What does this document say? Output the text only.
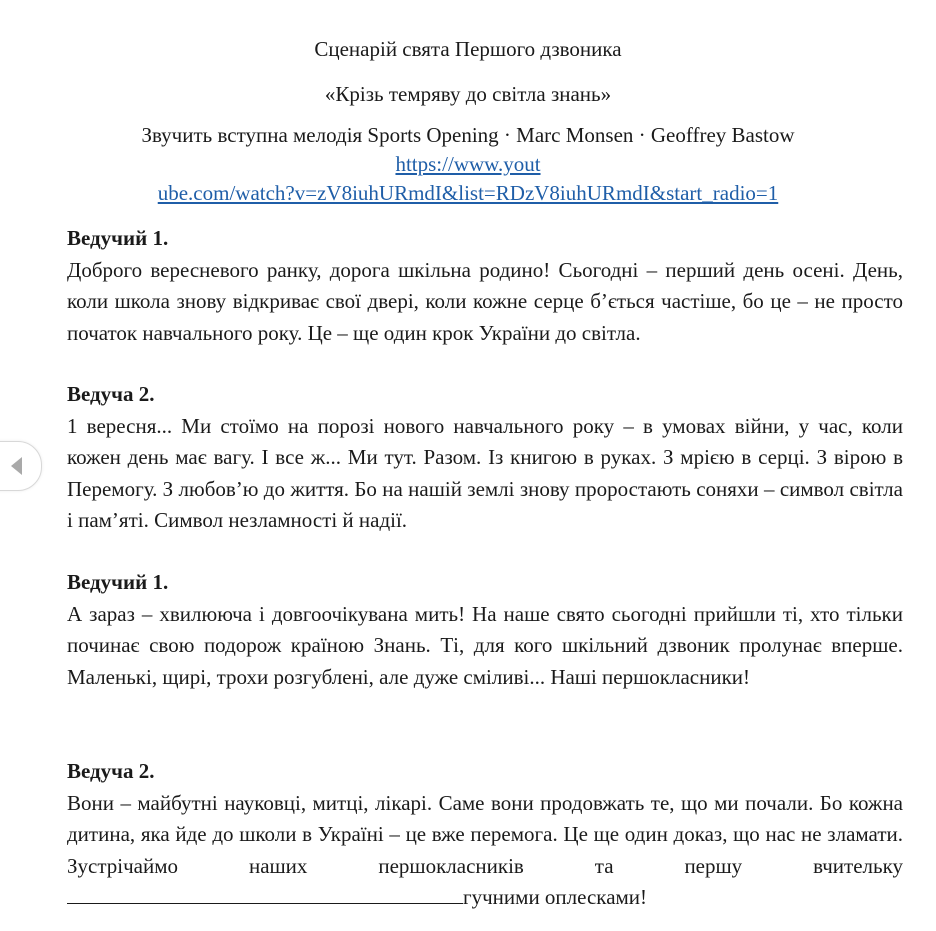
Сценарій свята Першого дзвоника
«Крізь темряву до світла знань»
Звучить вступна мелодія Sports Opening · Marc Monsen · Geoffrey Bastow
https://www.yout
ube.com/watch?v=zV8iuhURmdI&list=RDzV8iuhURmdI&start_radio=1
Ведучий 1.

Доброго вересневого ранку, дорога шкільна родино! Сьогодні – перший день осені. День, коли школа знову відкриває свої двері, коли кожне серце б’ється частіше, бо це – не просто початок навчального року. Це – ще один крок України до світла.

Ведуча 2.

1 вересня... Ми стоїмо на порозі нового навчального року – в умовах війни, у час, коли кожен день має вагу. І все ж... Ми тут. Разом. Із книгою в руках. З мрією в серці. З вірою в Перемогу. З любов’ю до життя. Бо на нашій землі знову проростають соняхи – символ світла і пам’яті. Символ незламності й надії.

Ведучий 1.

А зараз – хвилююча і довгоочікувана мить! На наше свято сьогодні прийшли ті, хто тільки починає свою подорож країною Знань. Ті, для кого шкільний дзвоник пролунає вперше. Маленькі, щирі, трохи розгублені, але дуже сміливі... Наші першокласники!

Ведуча 2.

Вони – майбутні науковці, митці, лікарі. Саме вони продовжать те, що ми почали. Бо кожна дитина, яка йде до школи в Україні – це вже перемога. Це ще один доказ, що нас не зламати. Зустрічаймо наших першокласників та першу вчительку гучними оплесками!
